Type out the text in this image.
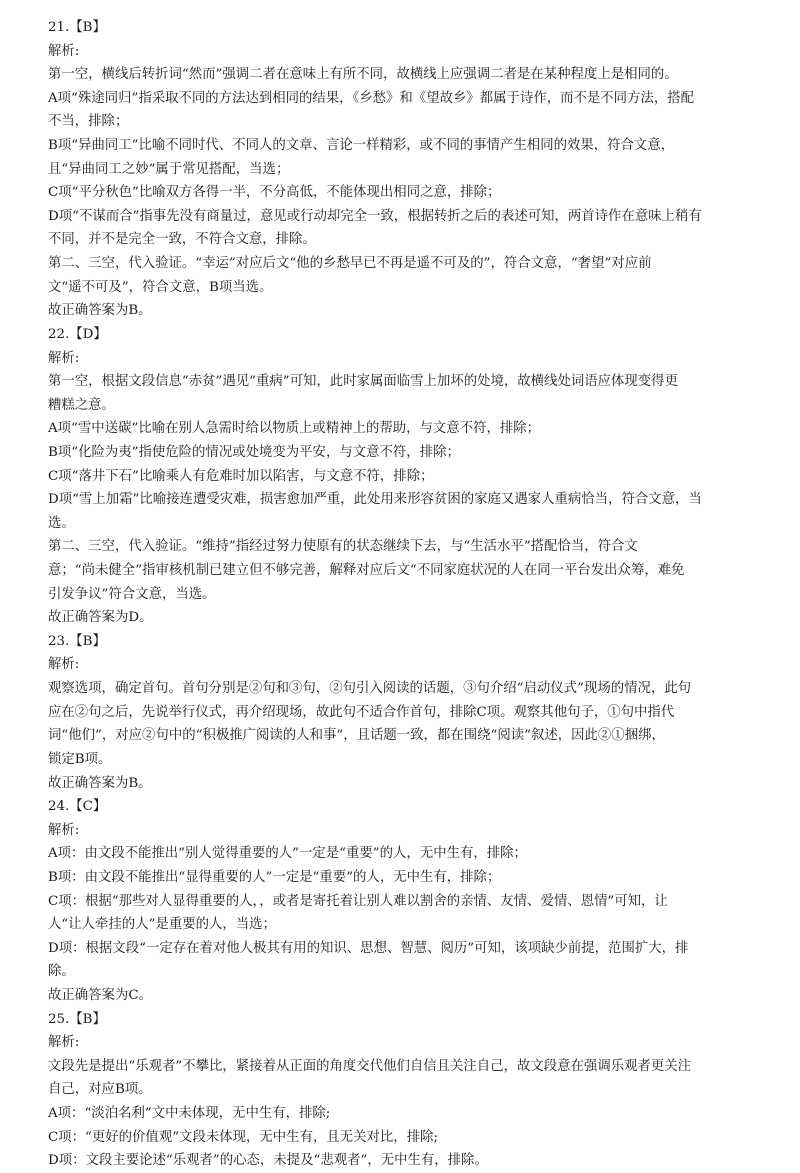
21.【B】
解析:
第一空，横线后转折词“然而”强调二者在意味上有所不同，故横线上应强调二者是在某种程度上是相同的。
A项“殊途同归”指采取不同的方法达到相同的结果，《乡愁》和《望故乡》都属于诗作，而不是不同方法，搭配
不当，排除；
B项“异曲同工”比喻不同时代、不同人的文章、言论一样精彩，或不同的事情产生相同的效果，符合文意，
且“异曲同工之妙”属于常见搭配，当选；
C项“平分秋色”比喻双方各得一半，不分高低，不能体现出相同之意，排除；
D项“不谋而合”指事先没有商量过，意见或行动却完全一致，根据转折之后的表述可知，两首诗作在意味上稍有
不同，并不是完全一致，不符合文意，排除。
第二、三空，代入验证。“幸运”对应后文“他的乡愁早已不再是遥不可及的”，符合文意，“奢望”对应前
文“遥不可及”，符合文意，B项当选。
故正确答案为B。
22.【D】
解析:
第一空，根据文段信息“赤贫”遇见“重病”可知，此时家属面临雪上加坏的处境，故横线处词语应体现变得更
糟糕之意。
A项“雪中送碳”比喻在别人急需时给以物质上或精神上的帮助，与文意不符，排除；
B项“化险为夷”指使危险的情况或处境变为平安，与文意不符，排除；
C项“落井下石”比喻乘人有危难时加以陷害，与文意不符，排除；
D项“雪上加霜”比喻接连遭受灾难，损害愈加严重，此处用来形容贫困的家庭又遇家人重病恰当，符合文意，当
选。
第二、三空，代入验证。“维持”指经过努力使原有的状态继续下去，与“生活水平”搭配恰当，符合文
意；“尚未健全”指审核机制已建立但不够完善，解释对应后文“不同家庭状况的人在同一平台发出众筹，难免
引发争议”符合文意，当选。
故正确答案为D。
23.【B】
解析:
观察选项，确定首句。首句分别是②句和③句，②句引入阅读的话题，③句介绍“启动仪式”现场的情况，此句
应在②句之后，先说举行仪式，再介绍现场，故此句不适合作首句，排除C项。观察其他句子，①句中指代
词“他们”，对应②句中的“积极推广阅读的人和事”，且话题一致，都在围绕“阅读”叙述，因此②①捆绑，
锁定B项。
故正确答案为B。
24.【C】
解析:
A项：由文段不能推出“别人觉得重要的人”一定是“重要”的人，无中生有，排除；
B项：由文段不能推出“显得重要的人”一定是“重要”的人，无中生有，排除；
C项：根据“那些对人显得重要的人，，或者是寄托着让别人难以割舍的亲情、友情、爱情、恩情”可知，让
人“让人牵挂的人”是重要的人，当选；
D项：根据文段“一定存在着对他人极其有用的知识、思想、智慧、阅历”可知，该项缺少前提，范围扩大，排
除。
故正确答案为C。
25.【B】
解析:
文段先是提出“乐观者”不攀比，紧接着从正面的角度交代他们自信且关注自己，故文段意在强调乐观者更关注
自己，对应B项。
A项：“淡泊名利”文中未体现，无中生有，排除;
C项：“更好的价值观”文段未体现，无中生有，且无关对比，排除;
D项：文段主要论述“乐观者”的心态，未提及“悲观者”，无中生有，排除。
